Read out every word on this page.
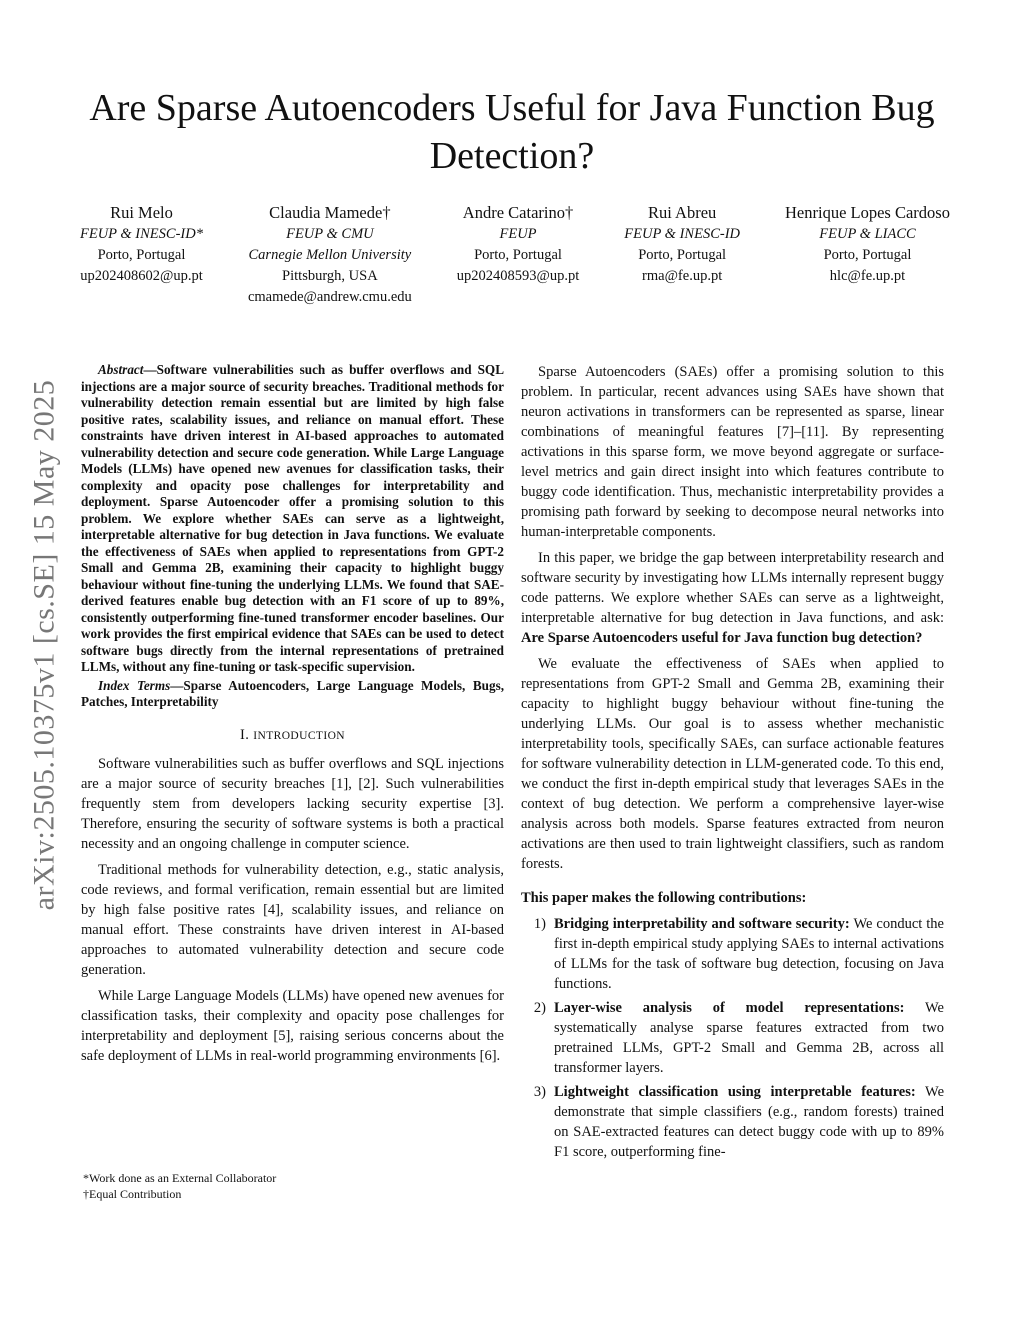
arXiv:2505.10375v1 [cs.SE] 15 May 2025
Are Sparse Autoencoders Useful for Java Function Bug Detection?
Rui Melo
FEUP & INESC-ID*
Porto, Portugal
up202408602@up.pt
Claudia Mamede†
FEUP & CMU
Carnegie Mellon University
Pittsburgh, USA
cmamede@andrew.cmu.edu
Andre Catarino†
FEUP
Porto, Portugal
up202408593@up.pt
Rui Abreu
FEUP & INESC-ID
Porto, Portugal
rma@fe.up.pt
Henrique Lopes Cardoso
FEUP & LIACC
Porto, Portugal
hlc@fe.up.pt

Abstract—Software vulnerabilities such as buffer overflows and SQL injections are a major source of security breaches. Traditional methods for vulnerability detection remain essential but are limited by high false positive rates, scalability issues, and reliance on manual effort. These constraints have driven interest in AI-based approaches to automated vulnerability detection and secure code generation. While Large Language Models (LLMs) have opened new avenues for classification tasks, their complexity and opacity pose challenges for interpretability and deployment. Sparse Autoencoder offer a promising solution to this problem. We explore whether SAEs can serve as a lightweight, interpretable alternative for bug detection in Java functions. We evaluate the effectiveness of SAEs when applied to representations from GPT-2 Small and Gemma 2B, examining their capacity to highlight buggy behaviour without fine-tuning the underlying LLMs. We found that SAE-derived features enable bug detection with an F1 score of up to 89%, consistently outperforming fine-tuned transformer encoder baselines. Our work provides the first empirical evidence that SAEs can be used to detect software bugs directly from the internal representations of pretrained LLMs, without any fine-tuning or task-specific supervision.

Index Terms—Sparse Autoencoders, Large Language Models, Bugs, Patches, Interpretability

I. INTRODUCTION

Software vulnerabilities such as buffer overflows and SQL injections are a major source of security breaches [1], [2]. Such vulnerabilities frequently stem from developers lacking security expertise [3]. Therefore, ensuring the security of software systems is both a practical necessity and an ongoing challenge in computer science.

Traditional methods for vulnerability detection, e.g., static analysis, code reviews, and formal verification, remain essential but are limited by high false positive rates [4], scalability issues, and reliance on manual effort. These constraints have driven interest in AI-based approaches to automated vulnerability detection and secure code generation.

While Large Language Models (LLMs) have opened new avenues for classification tasks, their complexity and opacity pose challenges for interpretability and deployment [5], raising serious concerns about the safe deployment of LLMs in real-world programming environments [6].

*Work done as an External Collaborator

†Equal Contribution

Sparse Autoencoders (SAEs) offer a promising solution to this problem. In particular, recent advances using SAEs have shown that neuron activations in transformers can be represented as sparse, linear combinations of meaningful features [7]–[11]. By representing activations in this sparse form, we move beyond aggregate or surface-level metrics and gain direct insight into which features contribute to buggy code identification. Thus, mechanistic interpretability provides a promising path forward by seeking to decompose neural networks into human-interpretable components.

In this paper, we bridge the gap between interpretability research and software security by investigating how LLMs internally represent buggy code patterns. We explore whether SAEs can serve as a lightweight, interpretable alternative for bug detection in Java functions, and ask: Are Sparse Autoencoders useful for Java function bug detection?

We evaluate the effectiveness of SAEs when applied to representations from GPT-2 Small and Gemma 2B, examining their capacity to highlight buggy behaviour without fine-tuning the underlying LLMs. Our goal is to assess whether mechanistic interpretability tools, specifically SAEs, can surface actionable features for software vulnerability detection in LLM-generated code. To this end, we conduct the first in-depth empirical study that leverages SAEs in the context of bug detection. We perform a comprehensive layer-wise analysis across both models. Sparse features extracted from neuron activations are then used to train lightweight classifiers, such as random forests.

This paper makes the following contributions:

1) Bridging interpretability and software security: We conduct the first in-depth empirical study applying SAEs to internal activations of LLMs for the task of software bug detection, focusing on Java functions.
2) Layer-wise analysis of model representations: We systematically analyse sparse features extracted from two pretrained LLMs, GPT-2 Small and Gemma 2B, across all transformer layers.
3) Lightweight classification using interpretable features: We demonstrate that simple classifiers (e.g., random forests) trained on SAE-extracted features can detect buggy code with up to 89% F1 score, outperforming fine-
